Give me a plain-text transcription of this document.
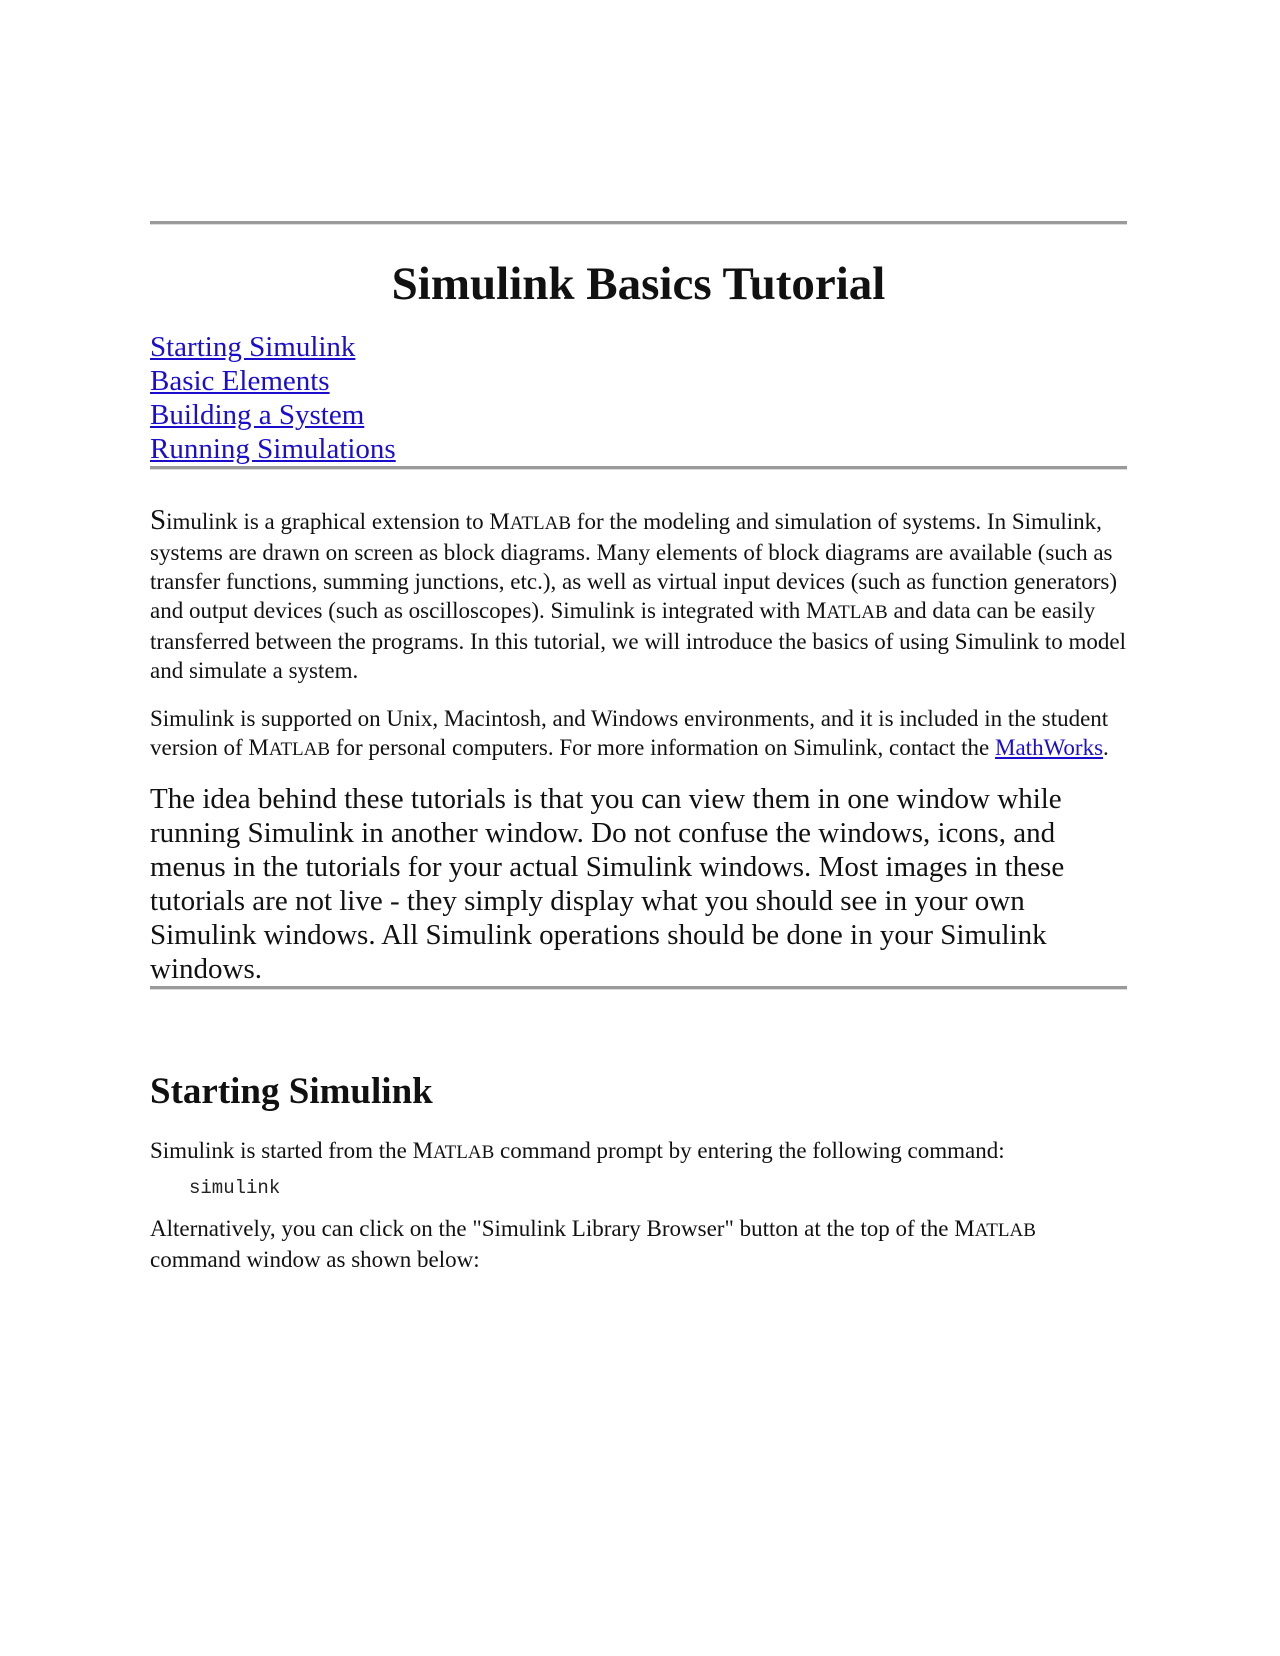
Simulink Basics Tutorial
Starting Simulink
Basic Elements
Building a System
Running Simulations

Simulink is a graphical extension to MATLAB for the modeling and simulation of systems. In Simulink, systems are drawn on screen as block diagrams. Many elements of block diagrams are available (such as transfer functions, summing junctions, etc.), as well as virtual input devices (such as function generators) and output devices (such as oscilloscopes). Simulink is integrated with MATLAB and data can be easily transferred between the programs. In this tutorial, we will introduce the basics of using Simulink to model and simulate a system.

Simulink is supported on Unix, Macintosh, and Windows environments, and it is included in the student version of MATLAB for personal computers. For more information on Simulink, contact the MathWorks.

The idea behind these tutorials is that you can view them in one window while running Simulink in another window. Do not confuse the windows, icons, and menus in the tutorials for your actual Simulink windows. Most images in these tutorials are not live - they simply display what you should see in your own Simulink windows. All Simulink operations should be done in your Simulink windows.

Starting Simulink

Simulink is started from the MATLAB command prompt by entering the following command:

simulink

Alternatively, you can click on the "Simulink Library Browser" button at the top of the MATLAB command window as shown below:
